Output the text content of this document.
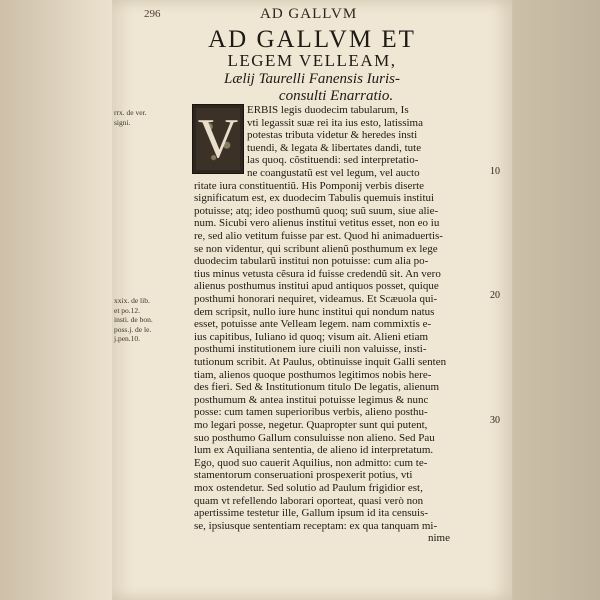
296	AD GALLVM
AD GALLVM ET
LEGEM VELLEAM,
Lælij Taurelli Fanensis Iuris-
consulti Enarratio.
rrx. de ver.
signi.
xxix. de lib.
et po.12.
insti. de bon.
poss.j. de le.
j.pen.10.
V ERBIS legis duodecim tabularum, Is
vti legassit suæ rei ita ius esto, latissima
potestas tributa videtur & heredes insti
tuendi, & legata & libertates dandi, tute
las quoq. cõstituendi: sed interpretatio-
ne coangustatũ est vel legum, vel aucto
ritate iura constituentiũ. His Pomponij verbis diserte
significatum est, ex duodecim Tabulis quemuis institui
potuisse; atq; ideo posthumũ quoq; suũ suum, siue alie-
num. Sicubi vero alienus institui vetitus esset, non eo iu
re, sed alio vetitum fuisse par est. Quod hi animaduertis-
se non videntur, qui scribunt alienũ posthumum ex lege
duodecim tabularũ institui non potuisse: cum alia po-
tius minus vetusta cẽsura id fuisse credendũ sit. An vero
alienus posthumus institui apud antiquos posset, quique
posthumi honorari nequiret, videamus. Et Scæuola qui-
dem scripsit, nullo iure hunc institui qui nondum natus
esset, potuisse ante Velleam legem. nam commixtis e-
ius capitibus, Iuliano id quoq; visum ait. Alieni etiam
posthumi institutionem iure ciuili non valuisse, insti-
tutionum scribit. At Paulus, obtinuisse inquit Galli senten
tiam, alienos quoque posthumos legitimos nobis here-
des fieri. Sed & Institutionum titulo De legatis, alienum
posthumum & antea institui potuisse legimus & nunc
posse: cum tamen superioribus verbis, alieno posthu-
mo legari posse, negetur. Quapropter sunt qui putent,
suo posthumo Gallum consuluisse non alieno. Sed Pau
lum ex Aquiliana sententia, de alieno id interpretatum.
Ego, quod suo cauerit Aquilius, non admitto: cum te-
stamentorum conseruationi prospexerit potius, vti
mox ostendetur. Sed solutio ad Paulum frigidior est,
quam vt refellendo laborari oporteat, quasi verò non
apertissime testetur ille, Gallum ipsum id ita censuis-
se, ipsiusque sententiam receptam: ex qua tanquam mi-
nime
10
20
30
